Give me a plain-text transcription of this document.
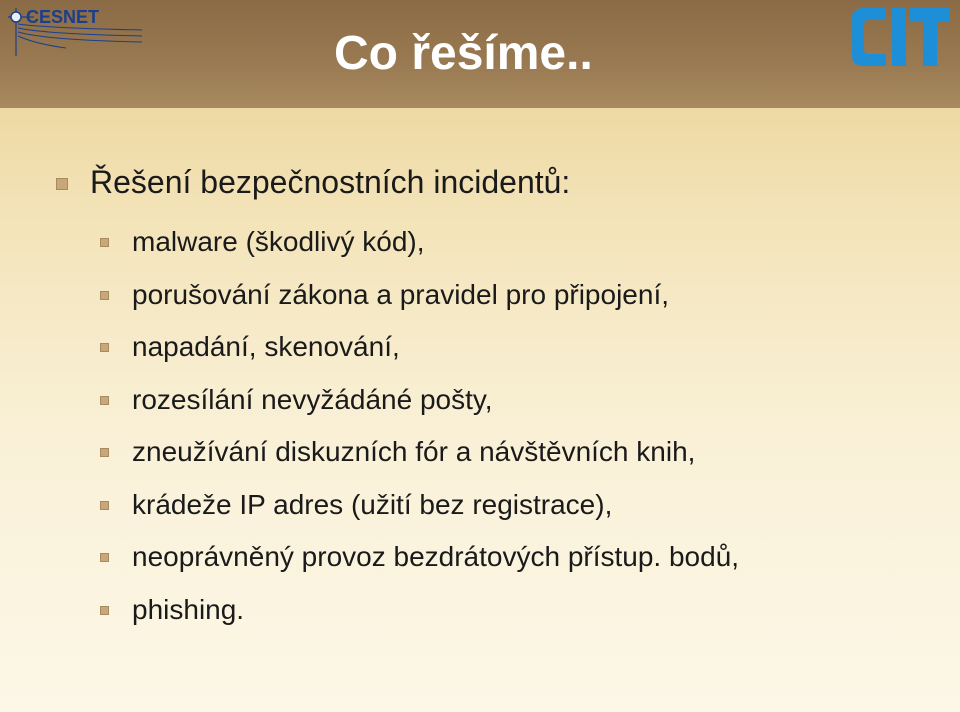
CESNET
Co řešíme..
Řešení bezpečnostních incidentů:
malware (škodlivý kód),
porušování zákona a pravidel pro připojení,
napadání, skenování,
rozesílání nevyžádáné pošty,
zneužívání diskuzních fór a návštěvních knih,
krádeže IP adres (užití bez registrace),
neoprávněný provoz bezdrátových přístup. bodů,
phishing.
